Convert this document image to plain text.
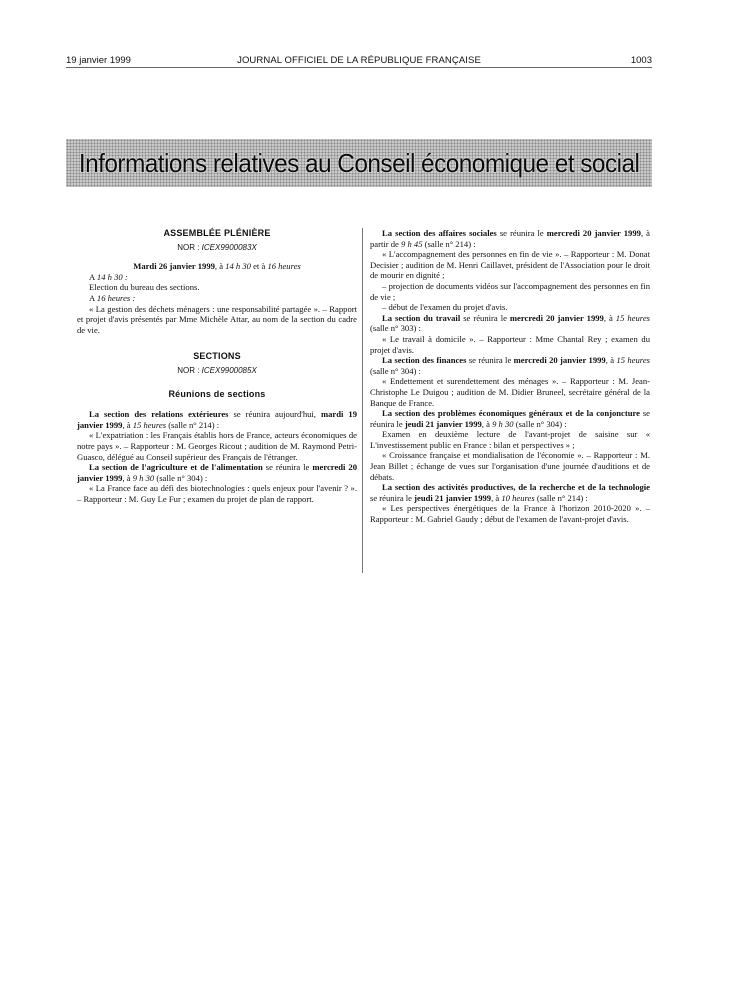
19 janvier 1999	JOURNAL OFFICIEL DE LA RÉPUBLIQUE FRANÇAISE	1003
Informations relatives au Conseil économique et social

ASSEMBLÉE PLÉNIÈRE

NOR : ICEX9900083X

Mardi 26 janvier 1999, à 14 h 30 et à 16 heures

A 14 h 30 :

Election du bureau des sections.

A 16 heures :

« La gestion des déchets ménagers : une responsabilité partagée ». – Rapport et projet d'avis présentés par Mme Michèle Attar, au nom de la section du cadre de vie.

SECTIONS

NOR : ICEX9900085X

Réunions de sections

La section des relations extérieures se réunira aujourd'hui, mardi 19 janvier 1999, à 15 heures (salle n° 214) :

« L'expatriation : les Français établis hors de France, acteurs économiques de notre pays ». – Rapporteur : M. Georges Ricout ; audition de M. Raymond Petri-Guasco, délégué au Conseil supérieur des Français de l'étranger.

La section de l'agriculture et de l'alimentation se réunira le mercredi 20 janvier 1999, à 9 h 30 (salle n° 304) :

« La France face au défi des biotechnologies : quels enjeux pour l'avenir ? ». – Rapporteur : M. Guy Le Fur ; examen du projet de plan de rapport.

La section des affaires sociales se réunira le mercredi 20 janvier 1999, à partir de 9 h 45 (salle n° 214) :

« L'accompagnement des personnes en fin de vie ». – Rapporteur : M. Donat Decisier ; audition de M. Henri Caillavet, président de l'Association pour le droit de mourir en dignité ;

– projection de documents vidéos sur l'accompagnement des personnes en fin de vie ;

– début de l'examen du projet d'avis.

La section du travail se réunira le mercredi 20 janvier 1999, à 15 heures (salle n° 303) :

« Le travail à domicile ». – Rapporteur : Mme Chantal Rey ; examen du projet d'avis.

La section des finances se réunira le mercredi 20 janvier 1999, à 15 heures (salle n° 304) :

« Endettement et surendettement des ménages ». – Rapporteur : M. Jean-Christophe Le Duigou ; audition de M. Didier Bruneel, secrétaire général de la Banque de France.

La section des problèmes économiques généraux et de la conjoncture se réunira le jeudi 21 janvier 1999, à 9 h 30 (salle n° 304) :

Examen en deuxième lecture de l'avant-projet de saisine sur « L'investissement public en France : bilan et perspectives » ;

« Croissance française et mondialisation de l'économie ». – Rapporteur : M. Jean Billet ; échange de vues sur l'organisation d'une journée d'auditions et de débats.

La section des activités productives, de la recherche et de la technologie se réunira le jeudi 21 janvier 1999, à 10 heures (salle n° 214) :

« Les perspectives énergétiques de la France à l'horizon 2010-2020 ». – Rapporteur : M. Gabriel Gaudy ; début de l'examen de l'avant-projet d'avis.
